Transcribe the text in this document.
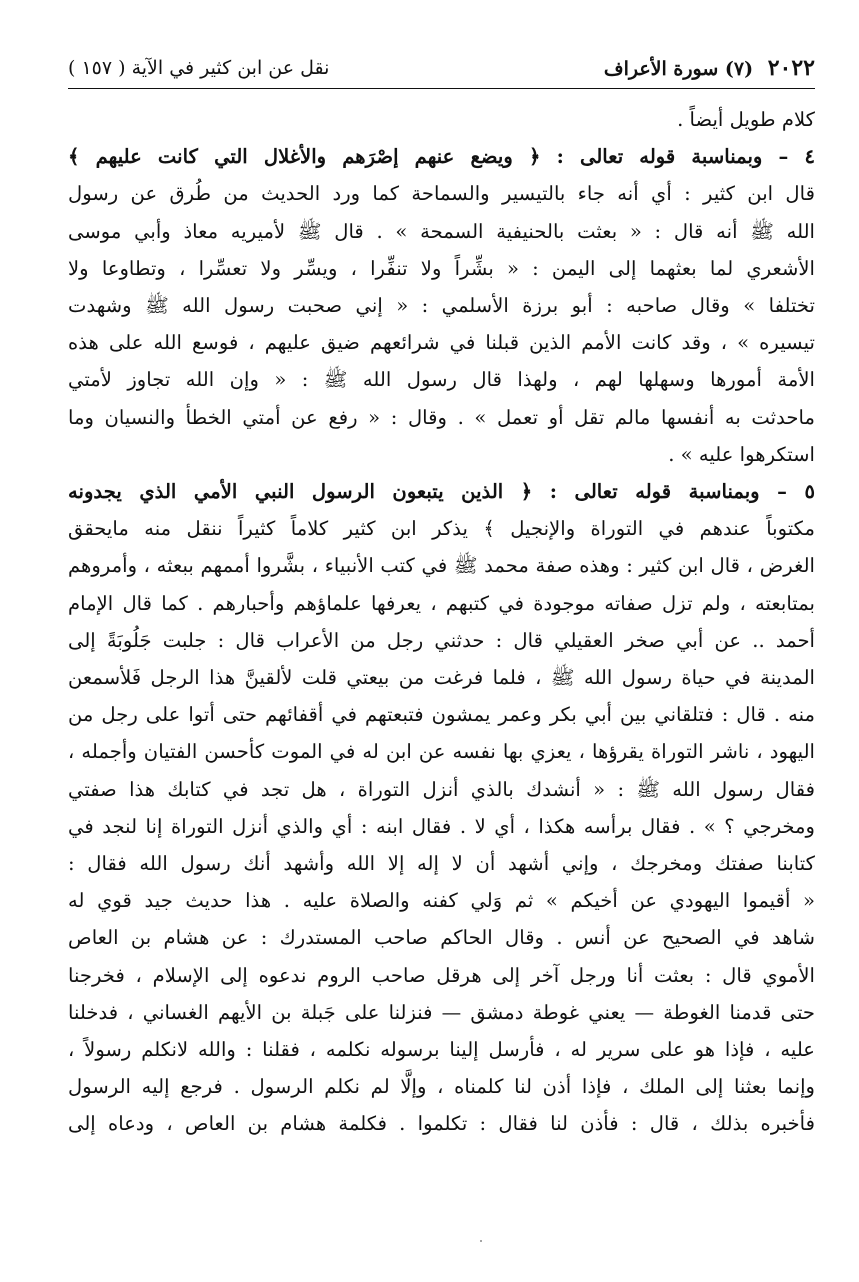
٢٠٢٢ (٧) سورة الأعراف
نقل عن ابن كثير في الآية ( ١٥٧ )
كلام طويل أيضاً .
٤ – وبمناسبة قوله تعالى : ﴿ ويضع عنهم إصْرَهم والأغلال التي كانت عليهم ﴾
قال ابن كثير : أي أنه جاء بالتيسير والسماحة كما ورد الحديث من طُرق عن رسول
الله ﷺ أنه قال : « بعثت بالحنيفية السمحة » . قال ﷺ لأميريه معاذ وأبي موسى
الأشعري لما بعثهما إلى اليمن : « بشِّراً ولا تنفِّرا ، ويسِّر ولا تعسِّرا ، وتطاوعا ولا
تختلفا » وقال صاحبه : أبو برزة الأسلمي : « إني صحبت رسول الله ﷺ وشهدت
تيسيره » ، وقد كانت الأمم الذين قبلنا في شرائعهم ضيق عليهم ، فوسع الله على هذه
الأمة أمورها وسهلها لهم ، ولهذا قال رسول الله ﷺ : « وإن الله تجاوز لأمتي
ماحدثت به أنفسها مالم تقل أو تعمل » . وقال : « رفع عن أمتي الخطأ والنسيان وما
استكرهوا عليه » .
٥ – وبمناسبة قوله تعالى : ﴿ الذين يتبعون الرسول النبي الأمي الذي يجدونه
مكتوباً عندهم في التوراة والإنجيل ﴾ يذكر ابن كثير كلاماً كثيراً ننقل منه مايحقق
الغرض ، قال ابن كثير : وهذه صفة محمد ﷺ في كتب الأنبياء ، بشَّروا أممهم ببعثه ، وأمروهم
بمتابعته ، ولم تزل صفاته موجودة في كتبهم ، يعرفها علماؤهم وأحبارهم . كما قال الإمام
أحمد .. عن أبي صخر العقيلي قال : حدثني رجل من الأعراب قال : جلبت جَلُوبَةً إلى
المدينة في حياة رسول الله ﷺ ، فلما فرغت من بيعتي قلت لألقينَّ هذا الرجل فَلأسمعن
منه . قال : فتلقاني بين أبي بكر وعمر يمشون فتبعتهم في أقفائهم حتى أتوا على رجل من
اليهود ، ناشر التوراة يقرؤها ، يعزي بها نفسه عن ابن له في الموت كأحسن الفتيان وأجمله ،
فقال رسول الله ﷺ : « أنشدك بالذي أنزل التوراة ، هل تجد في كتابك هذا صفتي
ومخرجي ؟ » . فقال برأسه هكذا ، أي لا . فقال ابنه : أي والذي أنزل التوراة إنا لنجد في
كتابنا صفتك ومخرجك ، وإني أشهد أن لا إله إلا الله وأشهد أنك رسول الله فقال :
« أقيموا اليهودي عن أخيكم » ثم وَلي كفنه والصلاة عليه . هذا حديث جيد قوي له
شاهد في الصحيح عن أنس . وقال الحاكم صاحب المستدرك : عن هشام بن العاص
الأموي قال : بعثت أنا ورجل آخر إلى هرقل صاحب الروم ندعوه إلى الإسلام ، فخرجنا
حتى قدمنا الغوطة — يعني غوطة دمشق — فنزلنا على جَبلة بن الأيهم الغساني ، فدخلنا
عليه ، فإذا هو على سرير له ، فأرسل إلينا برسوله نكلمه ، فقلنا : والله لانكلم رسولاً ،
وإنما بعثنا إلى الملك ، فإذا أذن لنا كلمناه ، وإلَّا لم نكلم الرسول . فرجع إليه الرسول
فأخبره بذلك ، قال : فأذن لنا فقال : تكلموا . فكلمة هشام بن العاص ، ودعاه إلى
